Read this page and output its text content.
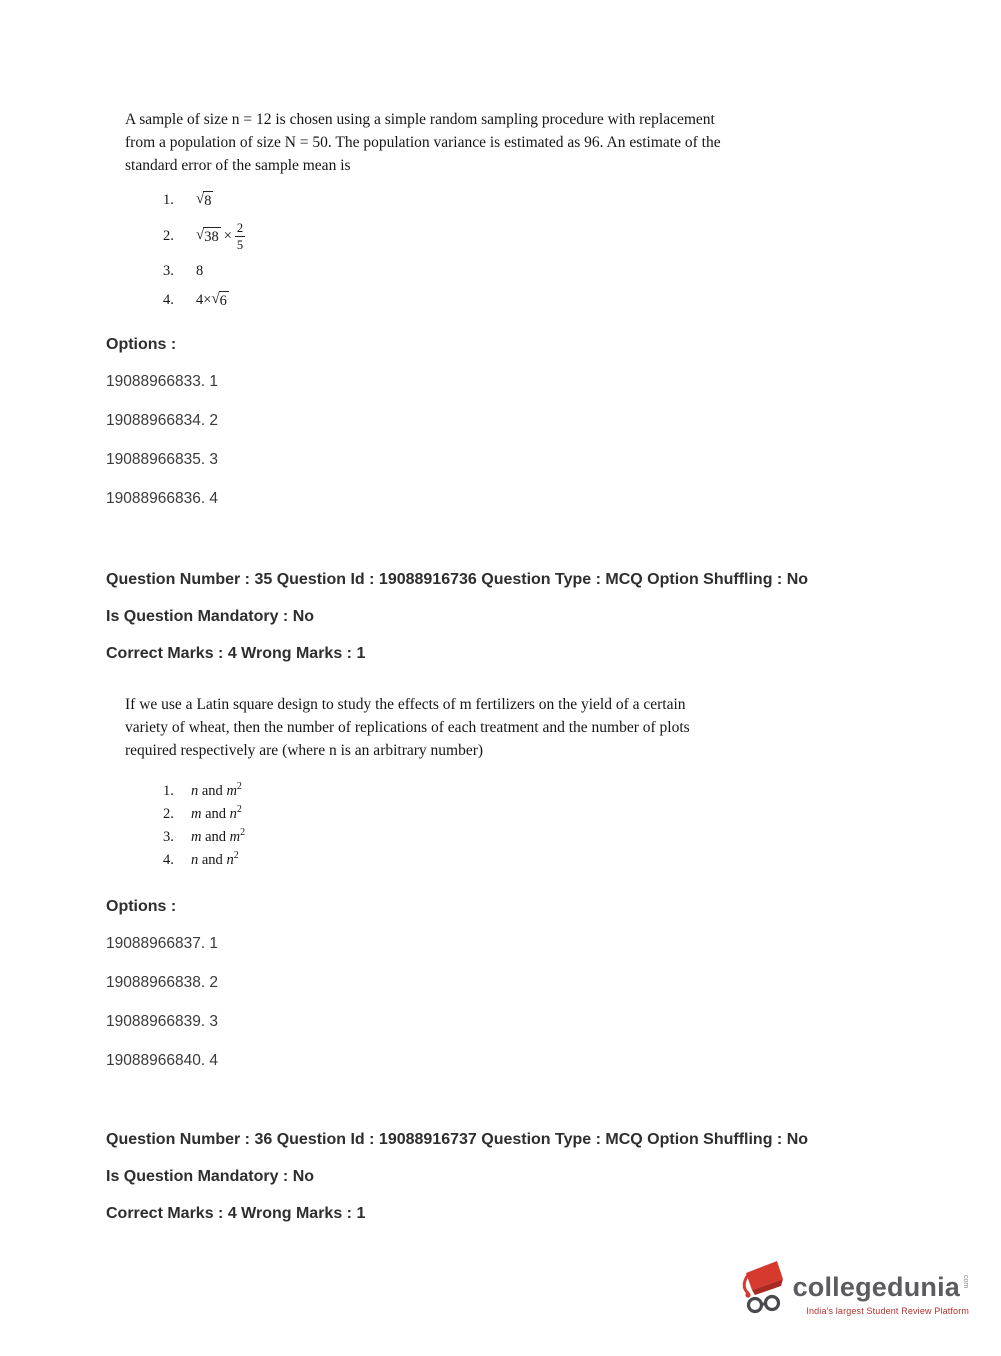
A sample of size n = 12 is chosen using a simple random sampling procedure with replacement
from a population of size N = 50. The population variance is estimated as 96. An estimate of the
standard error of the sample mean is
1.	√ 8
2.	√ $38 \times \frac{2}{5}$
3.	8
4.	4× √ 6
Options :
19088966833. 1
19088966834. 2
19088966835. 3
19088966836. 4
Question Number : 35 Question Id : 19088916736 Question Type : MCQ Option Shuffling : No
Is Question Mandatory : No
Correct Marks : 4 Wrong Marks : 1
If we use a Latin square design to study the effects of m fertilizers on the yield of a certain
variety of wheat, then the number of replications of each treatment and the number of plots
required respectively are (where n is an arbitrary number)
1.	n and $m^2$
2.	m and $n^2$
3.	m and $m^2$
4.	n and $n^2$
Options :
19088966837. 1
19088966838. 2
19088966839. 3
19088966840. 4
Question Number : 36 Question Id : 19088916737 Question Type : MCQ Option Shuffling : No
Is Question Mandatory : No
Correct Marks : 4 Wrong Marks : 1
collegedunia com
India's largest Student Review Platform
